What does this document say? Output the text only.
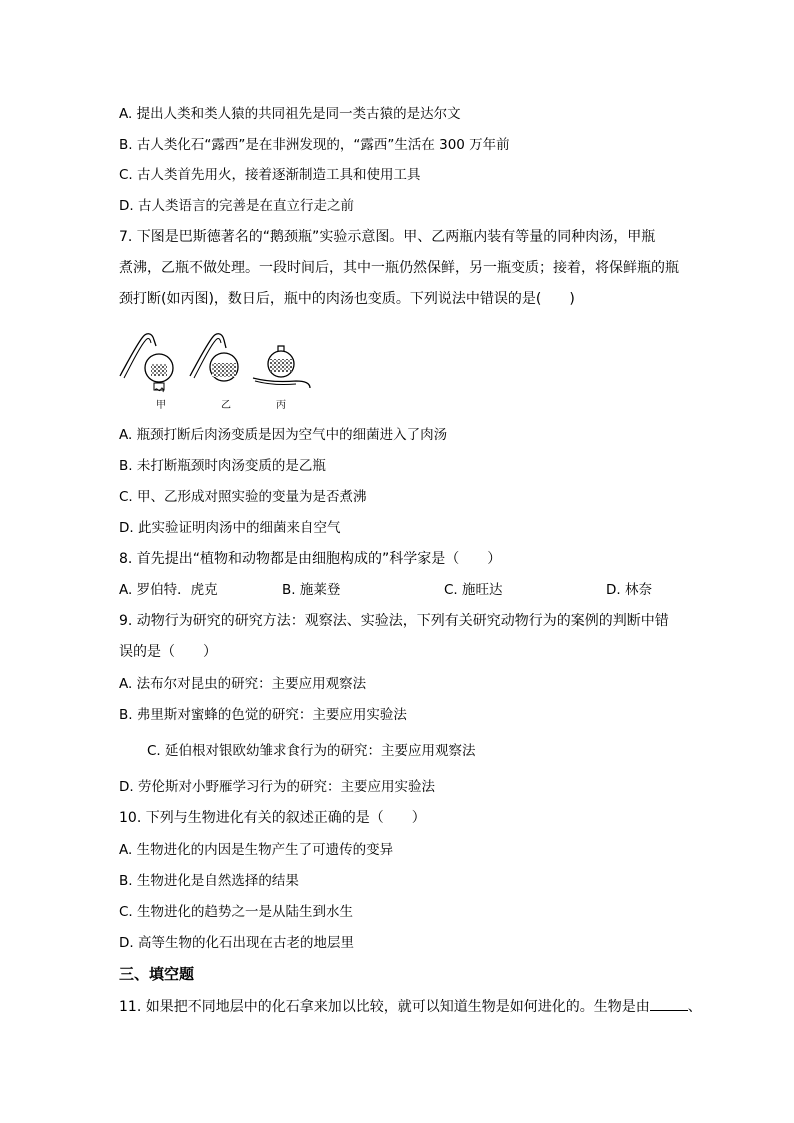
A. 提出人类和类人猿的共同祖先是同一类古猿的是达尔文
B. 古人类化石“露西”是在非洲发现的，“露西”生活在 300 万年前
C. 古人类首先用火，接着逐渐制造工具和使用工具
D. 古人类语言的完善是在直立行走之前
7. 下图是巴斯德著名的“鹅颈瓶”实验示意图。甲、乙两瓶内装有等量的同种肉汤，甲瓶
煮沸，乙瓶不做处理。一段时间后，其中一瓶仍然保鲜，另一瓶变质；接着，将保鲜瓶的瓶
颈打断(如丙图)，数日后，瓶中的肉汤也变质。下列说法中错误的是(　　)
甲	乙	丙
A. 瓶颈打断后肉汤变质是因为空气中的细菌进入了肉汤
B. 未打断瓶颈时肉汤变质的是乙瓶
C. 甲、乙形成对照实验的变量为是否煮沸
D. 此实验证明肉汤中的细菌来自空气
8. 首先提出“植物和动物都是由细胞构成的”科学家是（　　）
A. 罗伯特．虎克	B. 施莱登	C. 施旺达	D. 林奈
9. 动物行为研究的研究方法：观察法、实验法，下列有关研究动物行为的案例的判断中错
误的是（　　）
A. 法布尔对昆虫的研究：主要应用观察法
B. 弗里斯对蜜蜂的色觉的研究：主要应用实验法
C. 延伯根对银欧幼雏求食行为的研究：主要应用观察法
D. 劳伦斯对小野雁学习行为的研究：主要应用实验法
10. 下列与生物进化有关的叙述正确的是（　　）
A. 生物进化的内因是生物产生了可遗传的变异
B. 生物进化是自然选择的结果
C. 生物进化的趋势之一是从陆生到水生
D. 高等生物的化石出现在古老的地层里
三、填空题
11. 如果把不同地层中的化石拿来加以比较，就可以知道生物是如何进化的。生物是由	、
